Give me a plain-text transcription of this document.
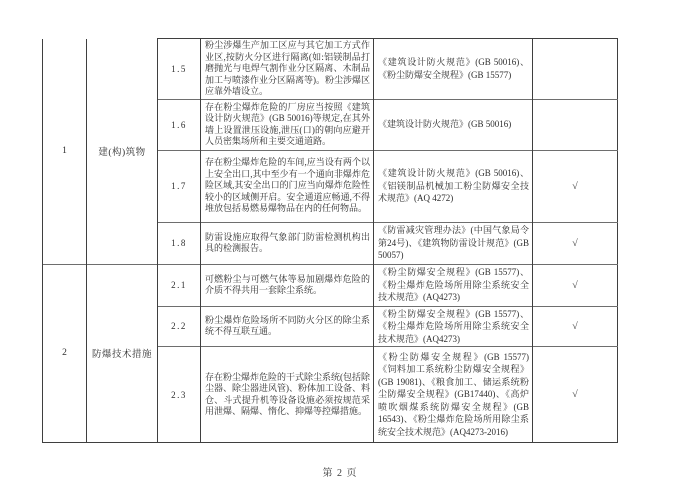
1	建(构)筑物	1.5	粉尘涉爆生产加工区应与其它加工方式作业区,按防火分区进行隔离(如:铝镁制品打磨抛光与电焊气割作业分区隔离、木制品加工与喷漆作业分区隔离等)。粉尘涉爆区应靠外墙设立。	《建筑设计防火规范》(GB 50016)、《粉尘防爆安全规程》(GB 15577)	
		1.6	存在粉尘爆炸危险的厂房应当按照《建筑设计防火规范》(GB 50016)等规定,在其外墙上设置泄压设施,泄压(口)的朝向应避开人员密集场所和主要交通道路。	《建筑设计防火规范》(GB 50016)	
		1.7	存在粉尘爆炸危险的车间,应当设有两个以上安全出口,其中至少有一个通向非爆炸危险区域,其安全出口的门应当向爆炸危险性较小的区域侧开启。安全通道应畅通,不得堆放包括易燃易爆物品在内的任何物品。	《建筑设计防火规范》(GB 50016)、《铝镁制品机械加工粉尘防爆安全技术规范》(AQ 4272)	√
		1.8	防雷设施应取得气象部门防雷检测机构出具的检测报告。	《防雷减灾管理办法》(中国气象局令第24号)、《建筑物防雷设计规范》(GB 50057)	√
2	防爆技术措施	2.1	可燃粉尘与可燃气体等易加剧爆炸危险的介质不得共用一套除尘系统。	《粉尘防爆安全规程》(GB 15577)、《粉尘爆炸危险场所用除尘系统安全技术规范》(AQ4273)	√
		2.2	粉尘爆炸危险场所不同防火分区的除尘系统不得互联互通。	《粉尘防爆安全规程》(GB 15577)、《粉尘爆炸危险场所用除尘系统安全技术规范》(AQ4273)	√
		2.3	存在粉尘爆炸危险的干式除尘系统(包括除尘器、除尘器进风管)、粉体加工设备、料仓、斗式提升机等设备设施必须按规范采用泄爆、隔爆、惰化、抑爆等控爆措施。	《粉尘防爆安全规程》(GB 15577)《饲料加工系统粉尘防爆安全规程》(GB 19081)、《粮食加工、储运系统粉尘防爆安全规程》(GB17440)、《高炉喷吹烟煤系统防爆安全规程》(GB 16543)、《粉尘爆炸危险场所用除尘系统安全技术规范》(AQ4273-2016)	√
第 2 页
